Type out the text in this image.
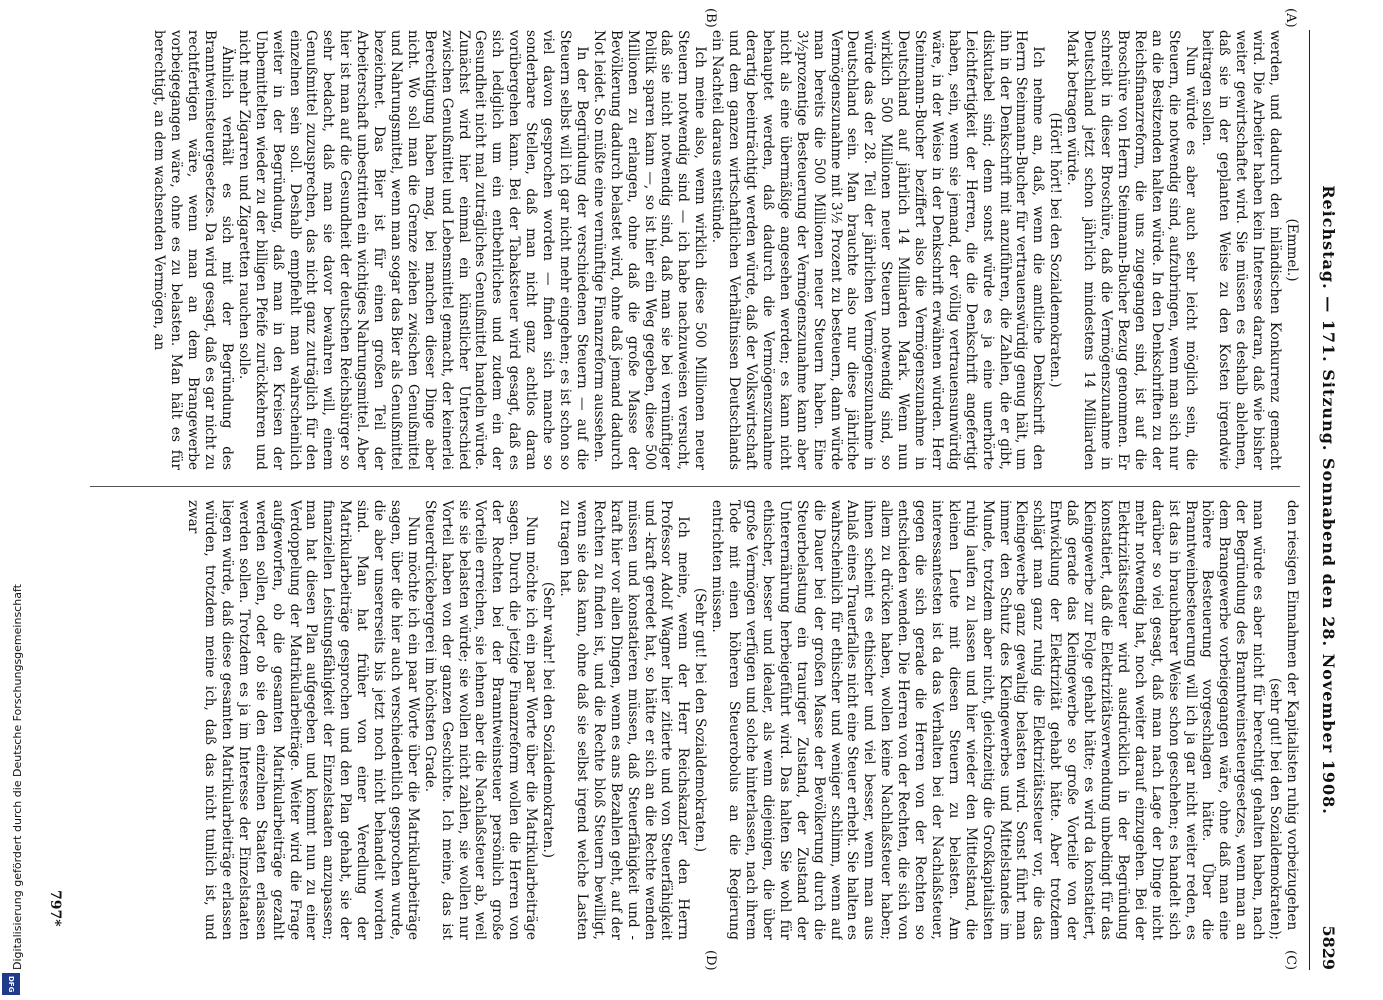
Digitalisierung gefördert durch die Deutsche Forschungsgemeinschaft
DFG
Reichstag. — 171. Sitzung. Sonnabend den 28. November 1908.
5829
(A)
(B)
(C)
(D)

(Emmel.)

werden, und dadurch den inländischen Konkurrenz gemacht wird. Die Arbeiter haben kein Interesse daran, daß wie bisher weiter gewirtschaftet wird. Sie müssen es deshalb ablehnen, daß sie in der geplanten Weise zu den Kosten irgendwie beitragen sollen.

Nun würde es aber auch sehr leicht möglich sein, die Steuern, die notwendig sind, aufzubringen, wenn man sich nur an die Besitzenden halten würde. In den Denkschriften zu der Reichsfinanzreform, die uns zugegangen sind, ist auf die Broschüre von Herrn Steinmann-Bucher Bezug genommen. Er schreibt in dieser Broschüre, daß die Vermögenszunahme in Deutschland jetzt schon jährlich mindestens 14 Milliarden Mark betragen würde.

(Hört! hört! bei den Sozialdemokraten.)

Ich nehme an, daß, wenn die amtliche Denkschrift den Herrn Steinmann-Bucher für vertrauenswürdig genug hält, um ihn in der Denkschrift mit anzuführen, die Zahlen, die er gibt, diskutabel sind; denn sonst würde es ja eine unerhörte Leichtfertigkeit der Herren, die die Denkschrift angefertigt haben, sein, wenn sie jemand, der völlig vertrauensunwürdig wäre, in der Weise in der Denkschrift erwähnen würden. Herr Steinmann-Bucher beziffert also die Vermögenszunahme in Deutschland auf jährlich 14 Milliarden Mark. Wenn nun wirklich 500 Millionen neuer Steuern notwendig sind, so würde das der 28. Teil der jährlichen Vermögenszunahme in Deutschland sein. Man brauchte also nur diese jährliche Vermögenszunahme mit 3½ Prozent zu besteuern, dann würde man bereits die 500 Millionen neuer Steuern haben. Eine 3½prozentige Besteuerung der Vermögenszunahme kann aber nicht als eine übermäßige angesehen werden; es kann nicht behauptet werden, daß dadurch die Vermögenszunahme derartig beeinträchtigt werden würde, daß der Volkswirtschaft und dem ganzen wirtschaftlichen Verhältnissen Deutschlands ein Nachteil daraus entstünde.

Ich meine also, wenn wirklich diese 500 Millionen neuer Steuern notwendig sind — ich habe nachzuweisen versucht, daß sie nicht notwendig sind, daß man sie bei vernünftiger Politik sparen kann —, so ist hier ein Weg gegeben, diese 500 Millionen zu erlangen, ohne daß die große Masse der Bevölkerung dadurch belastet wird, ohne daß jemand dadurch Not leidet. So müßte eine vernünftige Finanzreform aussehen.

In der Begründung der verschiedenen Steuern — auf die Steuern selbst will ich gar nicht mehr eingehen; es ist schon so viel davon gesprochen worden — finden sich manche so sonderbare Stellen, daß man nicht ganz achtlos daran vorübergehen kann. Bei der Tabaksteuer wird gesagt, daß es sich lediglich um ein entbehrliches und zudem ein der Gesundheit nicht mal zuträgliches Genußmittel handeln würde. Zunächst wird hier einmal ein künstlicher Unterschied zwischen Genußmittel und Lebensmittel gemacht, der keinerlei Berechtigung haben mag, bei manchen dieser Dinge aber nicht. Wo soll man die Grenze ziehen zwischen Genußmittel und Nahrungsmittel, wenn man sogar das Bier als Genußmittel bezeichnet. Das Bier ist für einen großen Teil der Arbeiterschaft unbestritten ein wichtiges Nahrungsmittel. Aber hier ist man auf die Gesundheit der deutschen Reichsbürger so sehr bedacht, daß man sie davor bewahren will, einem Genußmittel zuzusprechen, das nicht ganz zuträglich für den einzelnen sein soll. Deshalb empfiehlt man wahrscheinlich weiter in der Begründung, daß man in den Kreisen der Unbemittelten wieder zu der billigen Pfeife zurückkehren und nicht mehr Zigarren und Zigaretten rauchen solle.

Ähnlich verhält es sich mit der Begründung des Branntweinsteuergesetzes. Da wird gesagt, daß es gar nicht zu rechtfertigen wäre, wenn man an dem Brangewerbe vorbeigegangen wäre, ohne es zu belasten. Man hält es für berechtigt, an dem wachsenden Vermögen, an

den riesigen Einnahmen der Kapitalisten ruhig vorbeizugehen

(sehr gut! bei den Sozialdemokraten);

man würde es aber nicht für berechtigt gehalten haben, nach der Begründung des Branntweinsteuergesetzes, wenn man an dem Brangewerbe vorbeigegangen wäre, ohne daß man eine höhere Besteuerung vorgeschlagen hätte. Über die Branntweinbesteuerung will ich ja gar nicht weiter reden, es ist das in brauchbarer Weise schon geschehen; es handelt sich darüber so viel gesagt, daß man nach Lage der Dinge nicht mehr notwendig hat, noch weiter darauf einzugehen. Bei der Elektrizitätssteuer wird ausdrücklich in der Begründung konstatiert, daß die Elektrizitätsverwendung unbedingt für das Kleingewerbe zur Folge gehabt hätte; es wird da konstatiert, daß gerade das Kleingewerbe so große Vorteile von der Entwicklung der Elektrizität gehabt hätte. Aber trotzdem schlägt man ganz ruhig die Elektrizitätssteuer vor, die das Kleingewerbe ganz gewaltig belasten wird. Sonst führt man immer den Schutz des Kleingewerbes und Mittelstandes im Munde, trotzdem aber nicht, gleichzeitig die Großkapitalisten ruhig laufen zu lassen und hier wieder den Mittelstand, die kleinen Leute mit diesen Steuern zu belasten. Am interessantesten ist da das Verhalten bei der Nachlaßsteuer, gegen die sich gerade die Herren von der Rechten so entschieden wenden. Die Herren von der Rechten, die sich von allem zu drücken haben, wollen keine Nachlaßsteuer haben; ihnen scheint es ethischer und viel besser, wenn man aus Anlaß eines Trauerfalles nicht eine Steuer erhebt. Sie halten es wahrscheinlich für ethischer und weniger schlimm, wenn auf die Dauer bei der großen Masse der Bevölkerung durch die Steuerbelastung ein trauriger Zustand, der Zustand der Unterernährung herbeigeführt wird. Das halten Sie wohl für ethischer, besser und idealer, als wenn diejenigen, die über große Vermögen verfügen und solche hinterlassen, nach ihrem Tode mit einen höheren Steuerobolus an die Regierung entrichten müssen.

(Sehr gut! bei den Sozialdemokraten.)

Ich meine, wenn der Herr Reichskanzler den Herrn Professor Adolf Wagner hier zitierte und von Steuerfähigkeit und -kraft geredet hat, so hätte er sich an die Rechte wenden müssen und konstatieren müssen, daß Steuerfähigkeit und -kraft hier vor allen Dingen, wenn es ans Bezahlen geht, auf der Rechten zu finden ist, und die Rechte bloß Steuern bewilligt, wenn sie das kann, ohne daß sie selbst irgend welche Lasten zu tragen hat.

(Sehr wahr! bei den Sozialdemokraten.)

Nun möchte ich ein paar Worte über die Matrikularbeiträge sagen. Durch die jetzige Finanzreform wollen die Herren von der Rechten bei der Branntweinsteuer persönlich große Vorteile erreichen, sie lehnen aber die Nachlaßsteuer ab, weil sie sie belasten würde; sie wollen nicht zahlen, sie wollen nur Vorteil haben von der ganzen Geschichte. Ich meine, das ist Steuerdrückebergerei im höchsten Grade.

Nun möchte ich ein paar Worte über die Matrikularbeiträge sagen, über die hier auch verschiedentlich gesprochen wurde, die aber unsererseits bis jetzt noch nicht behandelt worden sind. Man hat früher von einer Veredlung der Matrikularbeiträge gesprochen und den Plan gehabt, sie der finanziellen Leistungsfähigkeit der Einzelstaaten anzupassen; man hat diesen Plan aufgegeben und kommt nun zu einer Verdoppelung der Matrikularbeiträge. Weiter wird die Frage aufgeworfen, ob die gesamten Matrikularbeiträge gezahlt werden sollen, oder ob sie den einzelnen Staaten erlassen werden sollen. Trotzdem es ja im Interesse der Einzelstaaten liegen würde, daß diese gesamten Matrikularbeiträge erlassen würden, trotzdem meine ich, daß das nicht tunlich ist, und zwar

797*
